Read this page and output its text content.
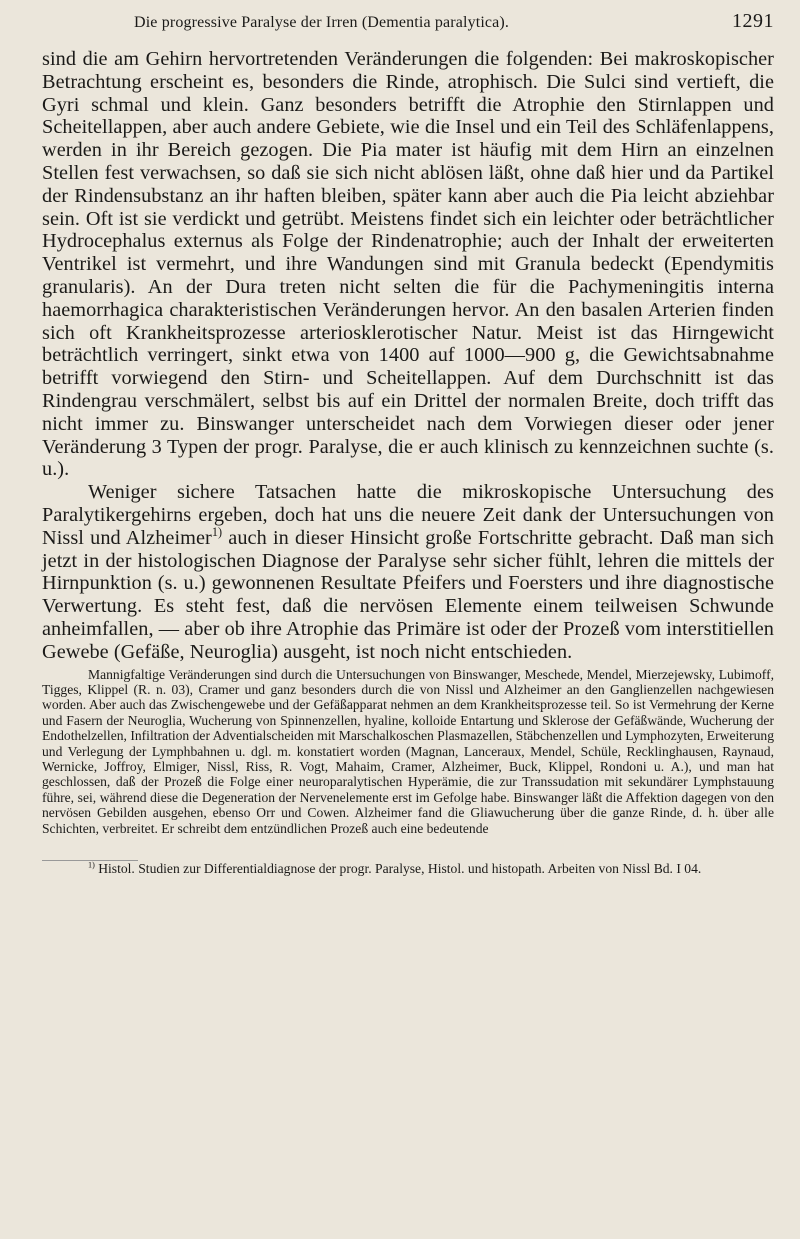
Die progressive Paralyse der Irren (Dementia paralytica).	1291

sind die am Gehirn hervortretenden Veränderungen die folgenden: Bei makroskopischer Betrachtung erscheint es, besonders die Rinde, atrophisch. Die Sulci sind vertieft, die Gyri schmal und klein. Ganz besonders betrifft die Atrophie den Stirnlappen und Scheitellappen, aber auch andere Gebiete, wie die Insel und ein Teil des Schläfenlappens, werden in ihr Bereich gezogen. Die Pia mater ist häufig mit dem Hirn an einzelnen Stellen fest verwachsen, so daß sie sich nicht ablösen läßt, ohne daß hier und da Partikel der Rindensubstanz an ihr haften bleiben, später kann aber auch die Pia leicht abziehbar sein. Oft ist sie verdickt und getrübt. Meistens findet sich ein leichter oder beträchtlicher Hydrocephalus externus als Folge der Rindenatrophie; auch der Inhalt der erweiterten Ventrikel ist vermehrt, und ihre Wandungen sind mit Granula bedeckt (Ependymitis granularis). An der Dura treten nicht selten die für die Pachymeningitis interna haemorrhagica charakteristischen Veränderungen hervor. An den basalen Arterien finden sich oft Krankheitsprozesse arteriosklerotischer Natur. Meist ist das Hirngewicht beträchtlich verringert, sinkt etwa von 1400 auf 1000—900 g, die Gewichtsabnahme betrifft vorwiegend den Stirn- und Scheitellappen. Auf dem Durchschnitt ist das Rindengrau verschmälert, selbst bis auf ein Drittel der normalen Breite, doch trifft das nicht immer zu. Binswanger unterscheidet nach dem Vorwiegen dieser oder jener Veränderung 3 Typen der progr. Paralyse, die er auch klinisch zu kennzeichnen suchte (s. u.).

Weniger sichere Tatsachen hatte die mikroskopische Untersuchung des Paralytikergehirns ergeben, doch hat uns die neuere Zeit dank der Untersuchungen von Nissl und Alzheimer$^{1)}$ auch in dieser Hinsicht große Fortschritte gebracht. Daß man sich jetzt in der histologischen Diagnose der Paralyse sehr sicher fühlt, lehren die mittels der Hirnpunktion (s. u.) gewonnenen Resultate Pfeifers und Foersters und ihre diagnostische Verwertung. Es steht fest, daß die nervösen Elemente einem teilweisen Schwunde anheimfallen, — aber ob ihre Atrophie das Primäre ist oder der Prozeß vom interstitiellen Gewebe (Gefäße, Neuroglia) ausgeht, ist noch nicht entschieden.

Mannigfaltige Veränderungen sind durch die Untersuchungen von Binswanger, Meschede, Mendel, Mierzejewsky, Lubimoff, Tigges, Klippel (R. n. 03), Cramer und ganz besonders durch die von Nissl und Alzheimer an den Ganglienzellen nachgewiesen worden. Aber auch das Zwischengewebe und der Gefäßapparat nehmen an dem Krankheitsprozesse teil. So ist Vermehrung der Kerne und Fasern der Neuroglia, Wucherung von Spinnenzellen, hyaline, kolloide Entartung und Sklerose der Gefäßwände, Wucherung der Endothelzellen, Infiltration der Adventialscheiden mit Marschalkoschen Plasmazellen, Stäbchenzellen und Lymphozyten, Erweiterung und Verlegung der Lymphbahnen u. dgl. m. konstatiert worden (Magnan, Lanceraux, Mendel, Schüle, Recklinghausen, Raynaud, Wernicke, Joffroy, Elmiger, Nissl, Riss, R. Vogt, Mahaim, Cramer, Alzheimer, Buck, Klippel, Rondoni u. A.), und man hat geschlossen, daß der Prozeß die Folge einer neuroparalytischen Hyperämie, die zur Transsudation mit sekundärer Lymphstauung führe, sei, während diese die Degeneration der Nervenelemente erst im Gefolge habe. Binswanger läßt die Affektion dagegen von den nervösen Gebilden ausgehen, ebenso Orr und Cowen. Alzheimer fand die Gliawucherung über die ganze Rinde, d. h. über alle Schichten, verbreitet. Er schreibt dem entzündlichen Prozeß auch eine bedeutende

$^{1)}$ Histol. Studien zur Differentialdiagnose der progr. Paralyse, Histol. und histopath. Arbeiten von Nissl Bd. I 04.
